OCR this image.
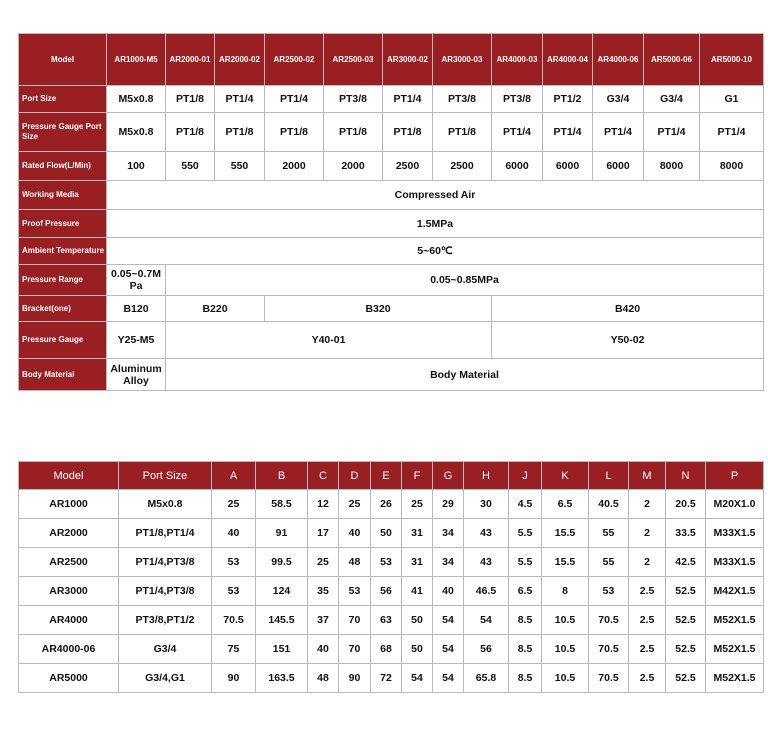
Model	AR1000-M5	AR2000-01	AR2000-02	AR2500-02	AR2500-03	AR3000-02	AR3000-03	AR4000-03	AR4000-04	AR4000-06	AR5000-06	AR5000-10
Port Size	M5x0.8	PT1/8	PT1/4	PT1/4	PT3/8	PT1/4	PT3/8	PT3/8	PT1/2	G3/4	G3/4	G1
Pressure Gauge Port Size	M5x0.8	PT1/8	PT1/8	PT1/8	PT1/8	PT1/8	PT1/8	PT1/4	PT1/4	PT1/4	PT1/4	PT1/4
Rated Flow(L/Min)	100	550	550	2000	2000	2500	2500	6000	6000	6000	8000	8000
Working Media	Compressed Air											
Proof Pressure	1.5MPa											
Ambient Temperature	5~60℃											
Pressure Range	0.05~0.7M Pa	0.05~0.85MPa										
Bracket(one)	B120	B220		B320				B420				
Pressure Gauge	Y25-M5	Y40-01						Y50-02				
Body Material	Aluminum Alloy	Body Material										
Model	Port Size	A	B	C	D	E	F	G	H	J	K	L	M	N	P
AR1000	M5x0.8	25	58.5	12	25	26	25	29	30	4.5	6.5	40.5	2	20.5	M20X1.0
AR2000	PT1/8,PT1/4	40	91	17	40	50	31	34	43	5.5	15.5	55	2	33.5	M33X1.5
AR2500	PT1/4,PT3/8	53	99.5	25	48	53	31	34	43	5.5	15.5	55	2	42.5	M33X1.5
AR3000	PT1/4,PT3/8	53	124	35	53	56	41	40	46.5	6.5	8	53	2.5	52.5	M42X1.5
AR4000	PT3/8,PT1/2	70.5	145.5	37	70	63	50	54	54	8.5	10.5	70.5	2.5	52.5	M52X1.5
AR4000-06	G3/4	75	151	40	70	68	50	54	56	8.5	10.5	70.5	2.5	52.5	M52X1.5
AR5000	G3/4,G1	90	163.5	48	90	72	54	54	65.8	8.5	10.5	70.5	2.5	52.5	M52X1.5
